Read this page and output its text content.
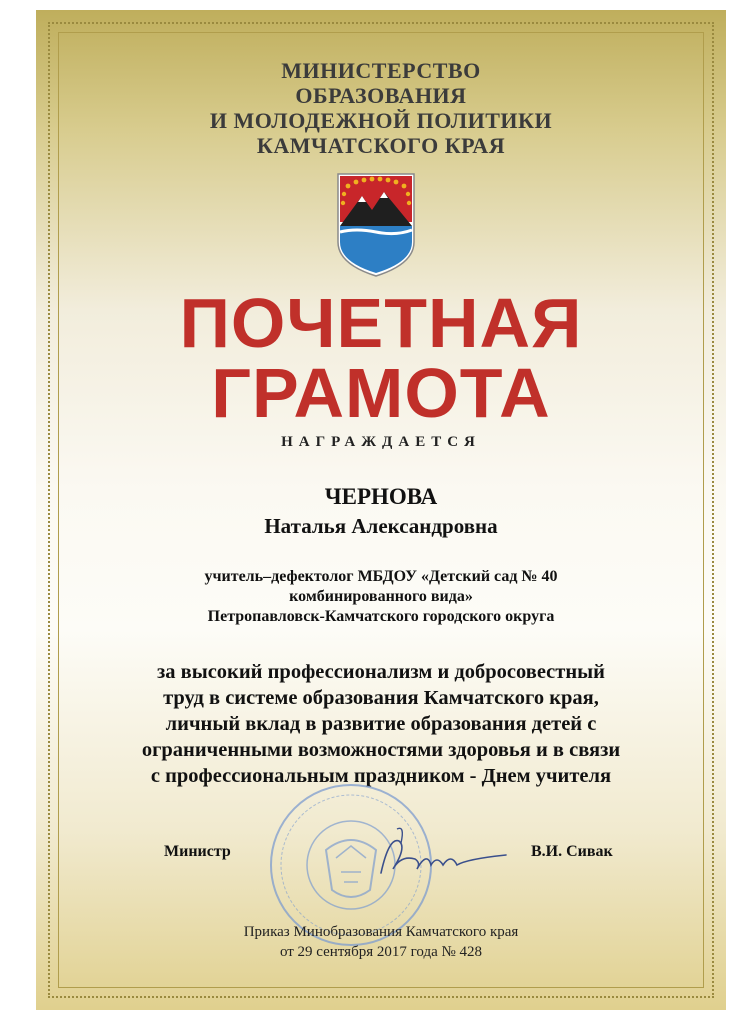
МИНИСТЕРСТВО
ОБРАЗОВАНИЯ
И МОЛОДЕЖНОЙ ПОЛИТИКИ
КАМЧАТСКОГО КРАЯ
ПОЧЕТНАЯ
ГРАМОТА
НАГРАЖДАЕТСЯ
ЧЕРНОВА
Наталья Александровна
учитель–дефектолог МБДОУ «Детский сад № 40
комбинированного вида»
Петропавловск-Камчатского городского округа
за высокий профессионализм и добросовестный
труд в системе образования Камчатского края,
личный вклад в развитие образования детей с
ограниченными возможностями здоровья и в связи
с профессиональным праздником - Днем учителя
Министр	В.И. Сивак
Приказ Минобразования Камчатского края
от 29 сентября 2017 года № 428
